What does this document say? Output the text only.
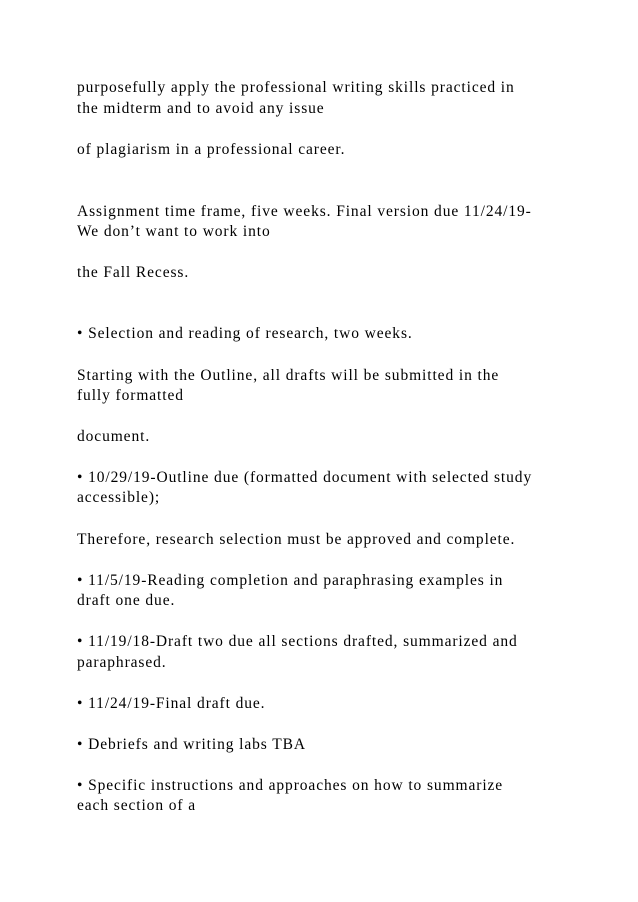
purposefully apply the professional writing skills practiced in

the midterm and to avoid any issue

of plagiarism in a professional career.

Assignment time frame, five weeks. Final version due 11/24/19-

We don’t want to work into

the Fall Recess.

• Selection and reading of research, two weeks.

Starting with the Outline, all drafts will be submitted in the

fully formatted

document.

• 10/29/19-Outline due (formatted document with selected study

accessible);

Therefore, research selection must be approved and complete.

• 11/5/19-Reading completion and paraphrasing examples in

draft one due.

• 11/19/18-Draft two due all sections drafted, summarized and

paraphrased.

• 11/24/19-Final draft due.

• Debriefs and writing labs TBA

• Specific instructions and approaches on how to summarize

each section of a
